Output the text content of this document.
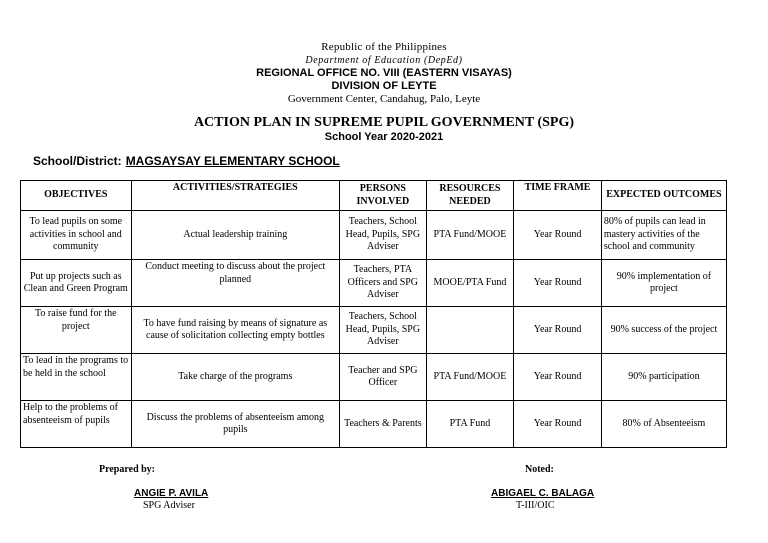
Republic of the Philippines
Department of Education (DepEd)
REGIONAL OFFICE NO. VIII (EASTERN VISAYAS)
DIVISION OF LEYTE
Government Center, Candahug, Palo, Leyte
ACTION PLAN IN SUPREME PUPIL GOVERNMENT (SPG)
School Year 2020-2021
School/District: MAGSAYSAY ELEMENTARY SCHOOL
OBJECTIVES	ACTIVITIES/STRATEGIES	PERSONS INVOLVED	RESOURCES NEEDED	TIME FRAME	EXPECTED OUTCOMES
To lead pupils on some activities in school and community	Actual leadership training	Teachers, School Head, Pupils, SPG Adviser	PTA Fund/MOOE	Year Round	80% of pupils can lead in mastery activities of the school and community
Put up projects such as Clean and Green Program	Conduct meeting to discuss about the project planned	Teachers, PTA Officers and SPG Adviser	MOOE/PTA Fund	Year Round	90% implementation of project
To raise fund for the project	To have fund raising by means of signature as cause of solicitation collecting empty bottles	Teachers, School Head, Pupils, SPG Adviser		Year Round	90% success of the project
To lead in the programs to be held in the school	Take charge of the programs	Teacher and SPG Officer	PTA Fund/MOOE	Year Round	90% participation
Help to the problems of absenteeism of pupils	Discuss the problems of absenteeism among pupils	Teachers & Parents	PTA Fund	Year Round	80% of Absenteeism
Prepared by:
ANGIE P. AVILA
SPG Adviser
Noted:
ABIGAEL C. BALAGA
T-III/OIC
